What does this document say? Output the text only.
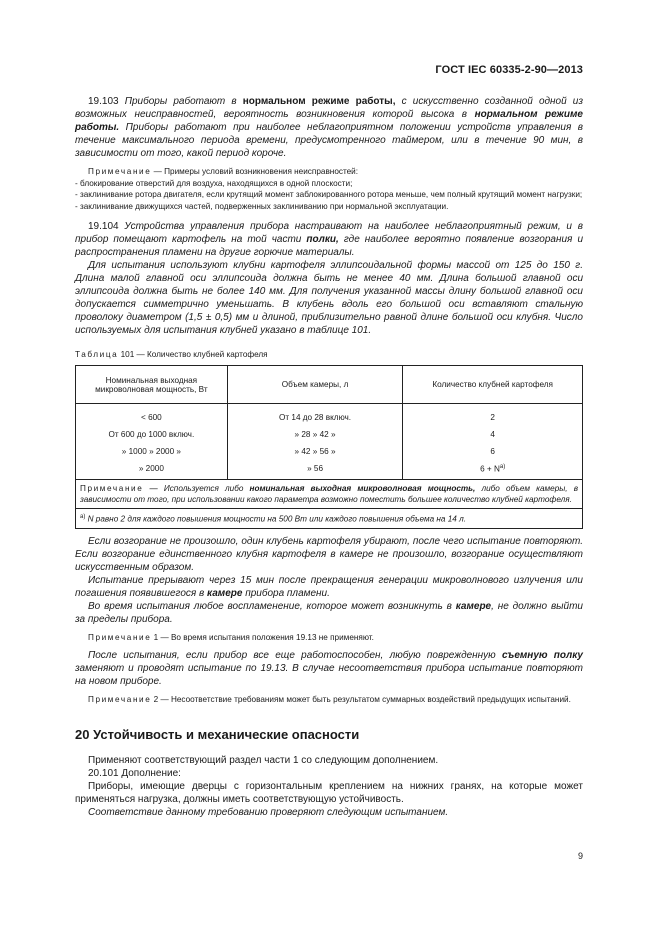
ГОСТ IEC 60335-2-90—2013

19.103 Приборы работают в нормальном режиме работы, с искусственно созданной одной из возможных неисправностей, вероятность возникновения которой высока в нормальном режиме работы. Приборы работают при наиболее неблагоприятном положении устройств управления в течение максимального периода времени, предусмотренного таймером, или в течение 90 мин, в зависимости от того, какой период короче.

Примечание — Примеры условий возникновения неисправностей:

- блокирование отверстий для воздуха, находящихся в одной плоскости;

- заклинивание ротора двигателя, если крутящий момент заблокированного ротора меньше, чем полный крутящий момент нагрузки;

- заклинивание движущихся частей, подверженных заклиниванию при нормальной эксплуатации.

19.104 Устройства управления прибора настраивают на наиболее неблагоприятный режим, и в прибор помещают картофель на той части полки, где наиболее вероятно появление возгорания и распространения пламени на другие горючие материалы.

Для испытания используют клубни картофеля эллипсоидальной формы массой от 125 до 150 г. Длина малой главной оси эллипсоида должна быть не менее 40 мм. Длина большой главной оси эллипсоида должна быть не более 140 мм. Для получения указанной массы длину большой главной оси допускается симметрично уменьшать. В клубень вдоль его большой оси вставляют стальную проволоку диаметром (1,5 ± 0,5) мм и длиной, приблизительно равной длине большой оси клубня. Число используемых для испытания клубней указано в таблице 101.

Таблица 101 — Количество клубней картофеля

Номинальная выходная микроволновая мощность, Вт	Объем камеры, л	Количество клубней картофеля
< 600	От 14 до 28 включ.	2
От 600 до 1000 включ.	» 28 » 42 »	4
» 1000 » 2000 »	» 42 » 56 »	6
» 2000	» 56	$6 + N^{a)}$
Примечание — Используется либо номинальная выходная микроволновая мощность, либо объем камеры, в зависимости от того, при использовании какого параметра возможно поместить большее количество клубней картофеля.		
$^{a)}$ N равно 2 для каждого повышения мощности на 500 Вт или каждого повышения объема на 14 л.		

Если возгорание не произошло, один клубень картофеля убирают, после чего испытание повторяют. Если возгорание единственного клубня картофеля в камере не произошло, возгорание осуществляют искусственным образом.

Испытание прерывают через 15 мин после прекращения генерации микроволнового излучения или погашения появившегося в камере прибора пламени.

Во время испытания любое воспламенение, которое может возникнуть в камере, не должно выйти за пределы прибора.

Примечание 1 — Во время испытания положения 19.13 не применяют.

После испытания, если прибор все еще работоспособен, любую поврежденную съемную полку заменяют и проводят испытание по 19.13. В случае несоответствия прибора испытание повторяют на новом приборе.

Примечание 2 — Несоответствие требованиям может быть результатом суммарных воздействий предыдущих испытаний.

20 Устойчивость и механические опасности

Применяют соответствующий раздел части 1 со следующим дополнением.

20.101 Дополнение:

Приборы, имеющие дверцы с горизонтальным креплением на нижних гранях, на которые может применяться нагрузка, должны иметь соответствующую устойчивость.

Соответствие данному требованию проверяют следующим испытанием.

9
